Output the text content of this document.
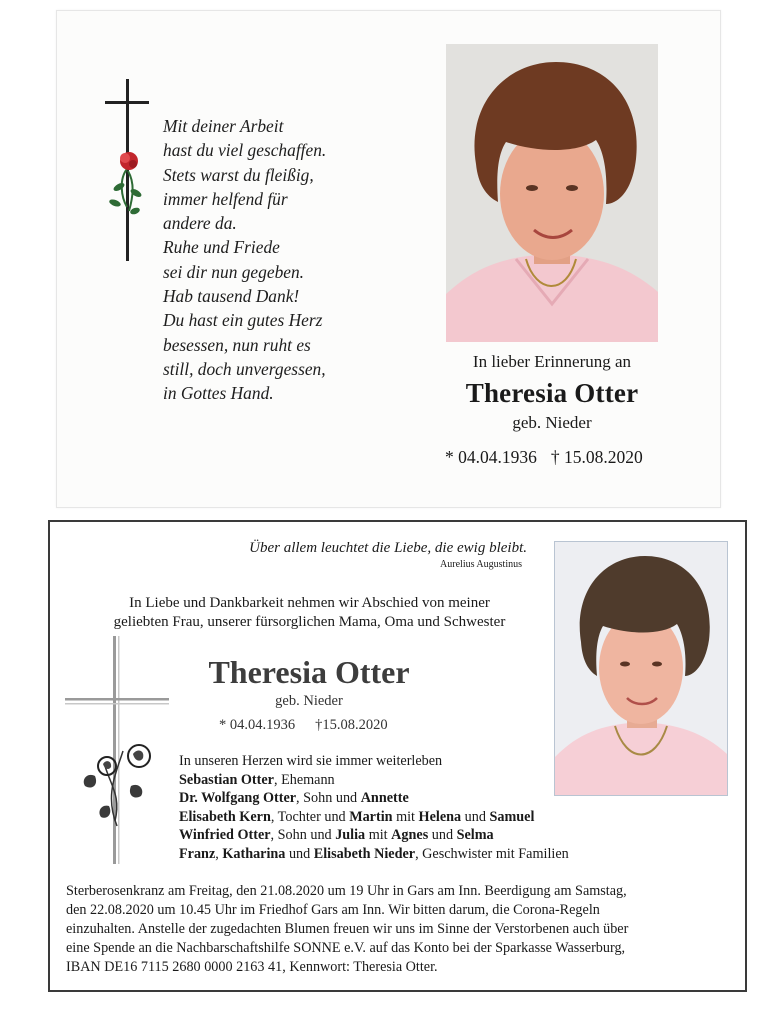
Mit deiner Arbeit
hast du viel geschaffen.
Stets warst du fleißig,
immer helfend für
andere da.
Ruhe und Friede
sei dir nun gegeben.
Hab tausend Dank!
Du hast ein gutes Herz
besessen, nun ruht es
still, doch unvergessen,
in Gottes Hand.
In lieber Erinnerung an
Theresia Otter
geb. Nieder
* 04.04.1936 † 15.08.2020
Über allem leuchtet die Liebe, die ewig bleibt.
Aurelius Augustinus
In Liebe und Dankbarkeit nehmen wir Abschied von meiner
geliebten Frau, unserer fürsorglichen Mama, Oma und Schwester
Theresia Otter
geb. Nieder
* 04.04.1936 †15.08.2020
In unseren Herzen wird sie immer weiterleben
Sebastian Otter, Ehemann
Dr. Wolfgang Otter, Sohn und Annette
Elisabeth Kern, Tochter und Martin mit Helena und Samuel
Winfried Otter, Sohn und Julia mit Agnes und Selma
Franz, Katharina und Elisabeth Nieder, Geschwister mit Familien
Sterberosenkranz am Freitag, den 21.08.2020 um 19 Uhr in Gars am Inn. Beerdigung am Samstag,
den 22.08.2020 um 10.45 Uhr im Friedhof Gars am Inn. Wir bitten darum, die Corona-Regeln
einzuhalten. Anstelle der zugedachten Blumen freuen wir uns im Sinne der Verstorbenen auch über
eine Spende an die Nachbarschaftshilfe SONNE e.V. auf das Konto bei der Sparkasse Wasserburg,
IBAN DE16 7115 2680 0000 2163 41, Kennwort: Theresia Otter.
